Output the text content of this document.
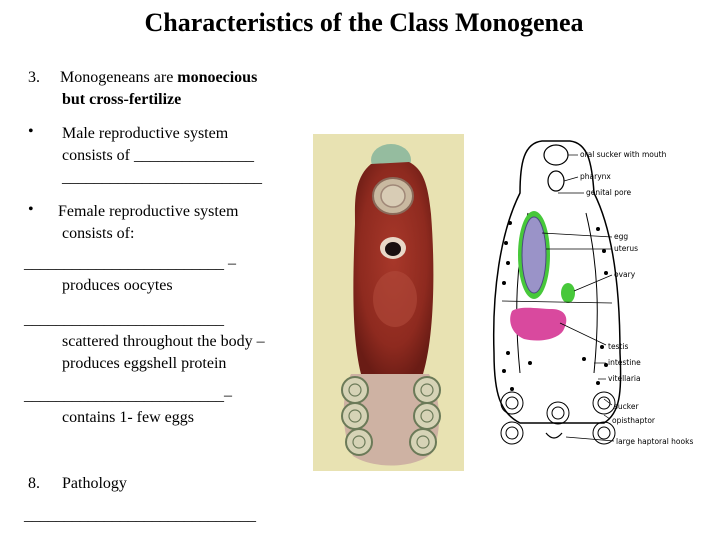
Characteristics of the Class Monogenea
3. Monogeneans are monoecious
but cross-fertilize
• Male reproductive system
consists of _______________
_________________________
• Female reproductive system
consists of:
_________________________ –
produces oocytes
_________________________
scattered throughout the body –
produces eggshell protein
_________________________–
contains 1- few eggs
8. Pathology
_____________________________
oral sucker with mouth
pharynx
genital pore
egg
uterus
ovary
testis
intestine
vitellaria
sucker
opisthaptor
large haptoral hooks
